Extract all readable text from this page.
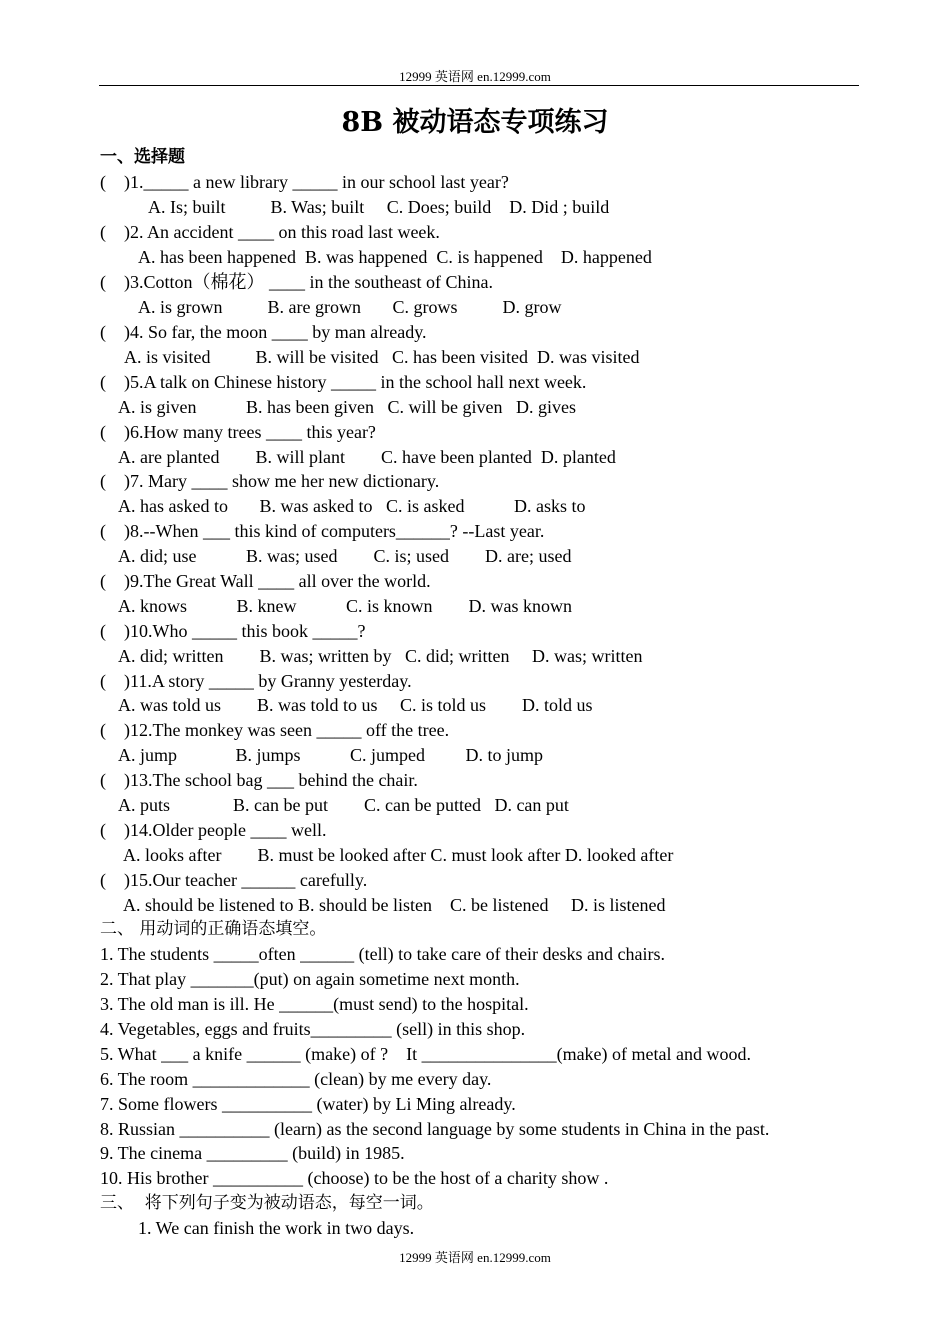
12999 英语网 en.12999.com
8B 被动语态专项练习
一、选择题
(    )1._____ a new library _____ in our school last year?
A. Is; built          B. Was; built     C. Does; build    D. Did ; build
(    )2. An accident ____ on this road last week.
A. has been happened  B. was happened  C. is happened    D. happened
(    )3.Cotton（棉花） ____ in the southeast of China.
A. is grown          B. are grown       C. grows          D. grow
(    )4. So far, the moon ____ by man already.
A. is visited          B. will be visited   C. has been visited  D. was visited
(    )5.A talk on Chinese history _____ in the school hall next week.
A. is given           B. has been given   C. will be given   D. gives
(    )6.How many trees ____ this year?
A. are planted        B. will plant        C. have been planted  D. planted
(    )7. Mary ____ show me her new dictionary.
A. has asked to       B. was asked to   C. is asked           D. asks to
(    )8.--When ___ this kind of computers______? --Last year.
A. did; use           B. was; used        C. is; used        D. are; used
(    )9.The Great Wall ____ all over the world.
A. knows           B. knew           C. is known        D. was known
(    )10.Who _____ this book _____?
A. did; written        B. was; written by   C. did; written     D. was; written
(    )11.A story _____ by Granny yesterday.
A. was told us        B. was told to us     C. is told us        D. told us
(    )12.The monkey was seen _____ off the tree.
A. jump             B. jumps           C. jumped         D. to jump
(    )13.The school bag ___ behind the chair.
A. puts              B. can be put        C. can be putted   D. can put
(    )14.Older people ____ well.
A. looks after        B. must be looked after C. must look after D. looked after
(    )15.Our teacher ______ carefully.
A. should be listened to B. should be listen    C. be listened     D. is listened
二、 用动词的正确语态填空。
1. The students _____often ______ (tell) to take care of their desks and chairs.
2. That play _______(put) on again sometime next month.
3. The old man is ill. He ______(must send) to the hospital.
4. Vegetables, eggs and fruits_________ (sell) in this shop.
5. What ___ a knife ______ (make) of ?    It _______________(make) of metal and wood.
6. The room _____________ (clean) by me every day.
7. Some flowers __________ (water) by Li Ming already.
8. Russian __________ (learn) as the second language by some students in China in the past.
9. The cinema _________ (build) in 1985.
10. His brother __________ (choose) to be the host of a charity show .
三、  将下列句子变为被动语态，每空一词。
1. We can finish the work in two days.
12999 英语网 en.12999.com
